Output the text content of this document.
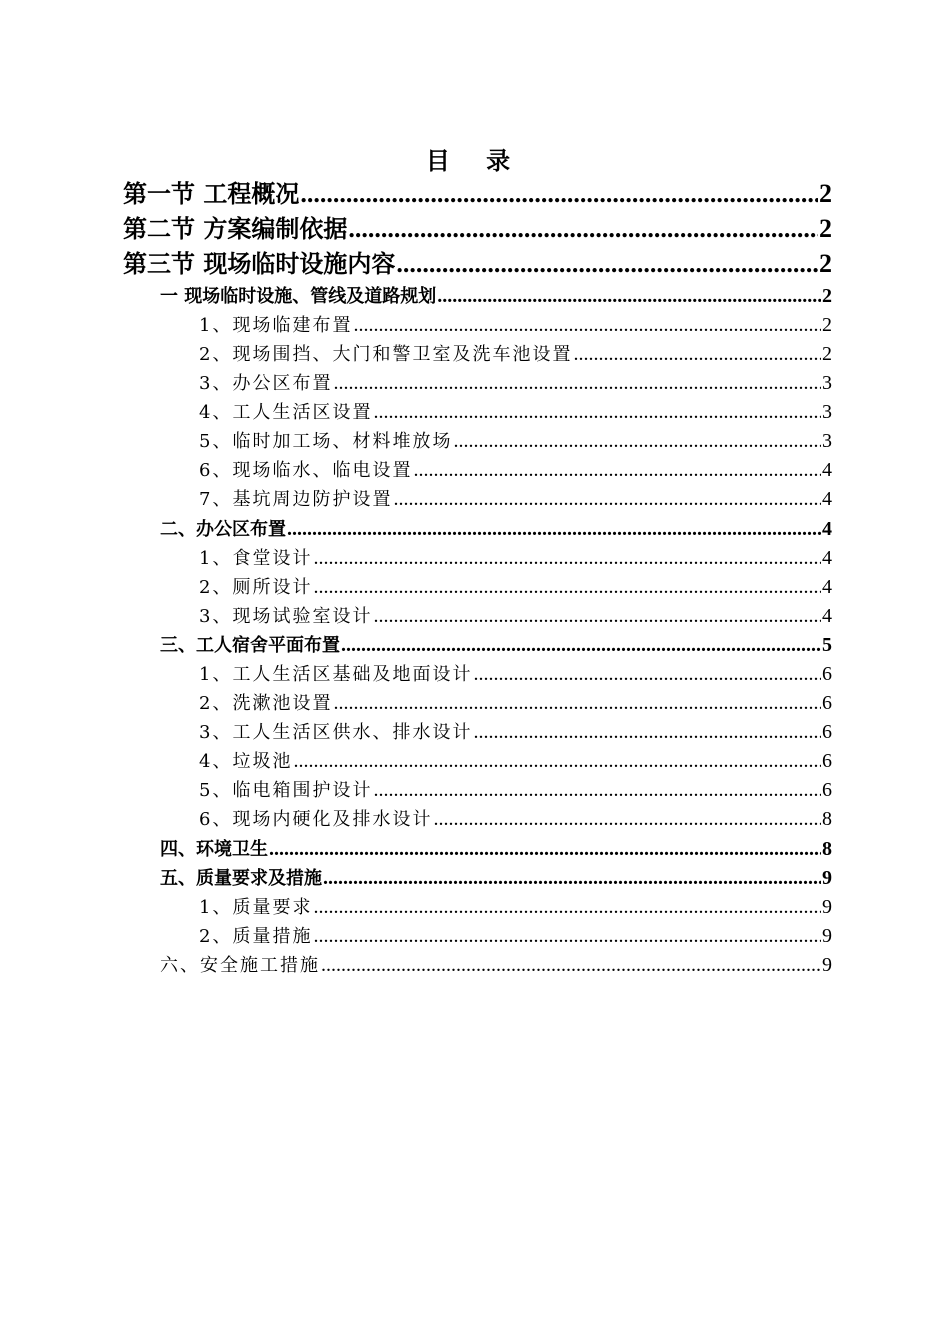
目 录
第一节 工程概况 .....	2
第二节 方案编制依据 .....	2
第三节 现场临时设施内容 .....	2
一 现场临时设施、管线及道路规划 .....	2
1、现场临建布置 .....	2
2、现场围挡、大门和警卫室及洗车池设置 .....	2
3、办公区布置 .....	3
4、工人生活区设置 .....	3
5、临时加工场、材料堆放场 .....	3
6、现场临水、临电设置 .....	4
7、基坑周边防护设置 .....	4
二、办公区布置 .....	4
1、食堂设计 .....	4
2、厕所设计 .....	4
3、现场试验室设计 .....	4
三、工人宿舍平面布置 .....	5
1、工人生活区基础及地面设计 .....	6
2、洗漱池设置 .....	6
3、工人生活区供水、排水设计 .....	6
4、垃圾池 .....	6
5、临电箱围护设计 .....	6
6、现场内硬化及排水设计 .....	8
四、环境卫生 .....	8
五、质量要求及措施 .....	9
1、质量要求 .....	9
2、质量措施 .....	9
六、安全施工措施 .....	9
